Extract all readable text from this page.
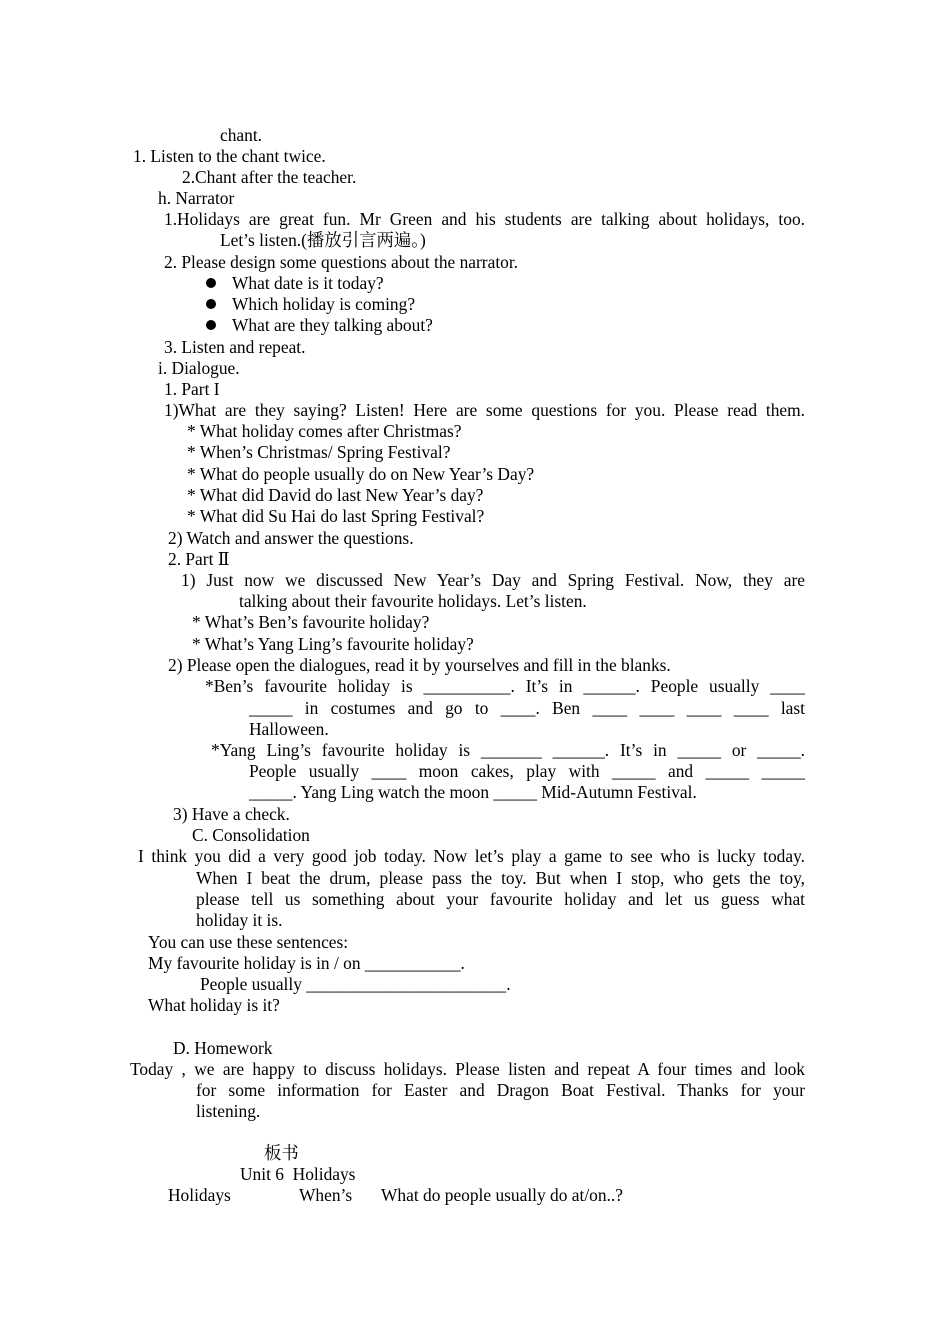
chant.
1. Listen to the chant twice.
2.Chant after the teacher.
h. Narrator
1.Holidays are great fun. Mr Green and his students are talking about holidays, too.
Let’s listen.(播放引言两遍。)
2. Please design some questions about the narrator.
What date is it today?
Which holiday is coming?
What are they talking about?
3. Listen and repeat.
i. Dialogue.
1. Part I
1)What are they saying? Listen! Here are some questions for you. Please read them.
* What holiday comes after Christmas?
* When’s Christmas/ Spring Festival?
* What do people usually do on New Year’s Day?
* What did David do last New Year’s day?
* What did Su Hai do last Spring Festival?
2) Watch and answer the questions.
2. Part Ⅱ
1) Just now we discussed New Year’s Day and Spring Festival. Now, they are
talking about their favourite holidays. Let’s listen.
* What’s Ben’s favourite holiday?
* What’s Yang Ling’s favourite holiday?
2) Please open the dialogues, read it by yourselves and fill in the blanks.
*Ben’s favourite holiday is __________. It’s in ______. People usually ____
_____ in costumes and go to ____. Ben ____ ____ ____ ____ last
Halloween.
*Yang Ling’s favourite holiday is _______ ______. It’s in _____ or _____.
People usually ____ moon cakes, play with _____ and _____ _____
_____. Yang Ling watch the moon _____ Mid-Autumn Festival.
3) Have a check.
C. Consolidation
I think you did a very good job today. Now let’s play a game to see who is lucky today.
When I beat the drum, please pass the toy. But when I stop, who gets the toy,
please tell us something about your favourite holiday and let us guess what
holiday it is.
You can use these sentences:
My favourite holiday is in / on ___________.
People usually _______________________.
What holiday is it?
D. Homework
Today , we are happy to discuss holidays. Please listen and repeat A four times and look
for some information for Easter and Dragon Boat Festival. Thanks for your
listening.
板书
Unit 6  Holidays
Holidays	When’s What do people usually do at/on..?
